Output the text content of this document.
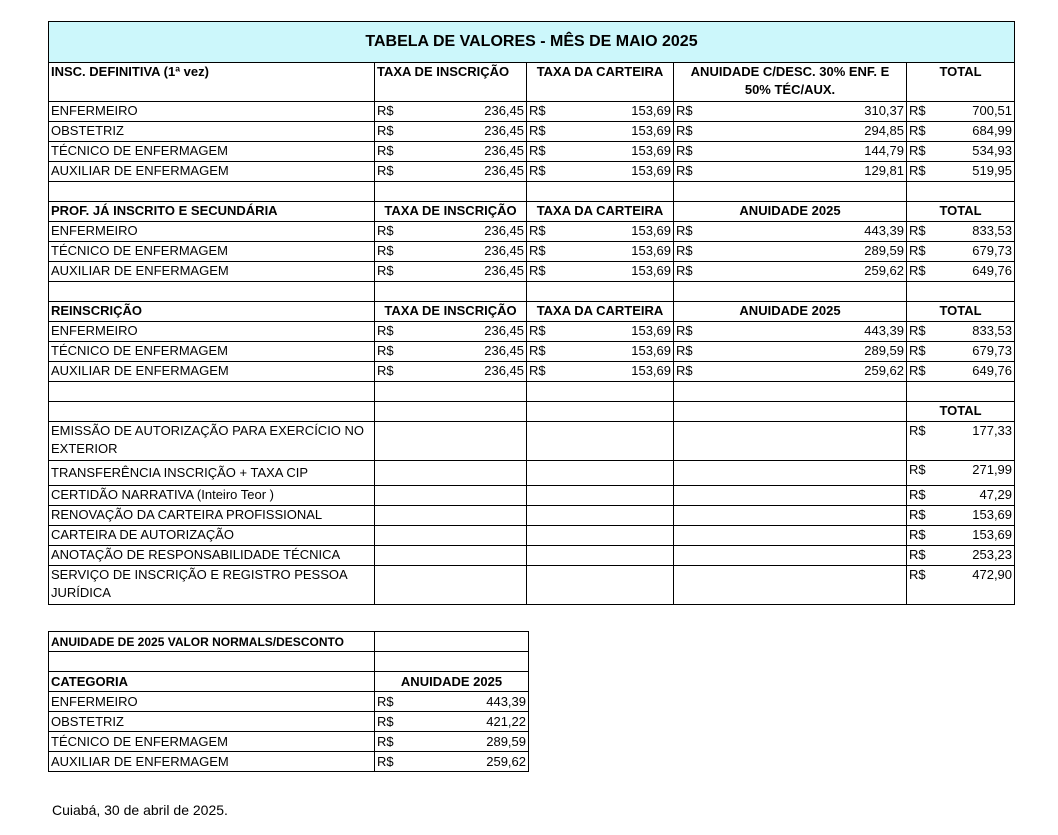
TABELA DE VALORES - MÊS DE MAIO 2025				
INSC. DEFINITIVA (1ª vez)	TAXA DE INSCRIÇÃO	TAXA DA CARTEIRA	ANUIDADE C/DESC. 30% ENF. E 50% TÉC/AUX.	TOTAL
ENFERMEIRO	R$ 236,45	R$ 153,69	R$ 310,37	R$ 700,51

OBSTETRIZ	R$ 236,45	R$ 153,69	R$ 294,85	R$ 684,99

TÉCNICO DE ENFERMAGEM	R$ 236,45	R$ 153,69	R$ 144,79	R$ 534,93

AUXILIAR DE ENFERMAGEM	R$ 236,45	R$ 153,69	R$ 129,81	R$ 519,95

PROF. JÁ INSCRITO E SECUNDÁRIA	TAXA DE INSCRIÇÃO	TAXA DA CARTEIRA	ANUIDADE 2025	TOTAL
ENFERMEIRO	R$ 236,45	R$ 153,69	R$ 443,39	R$ 833,53

TÉCNICO DE ENFERMAGEM	R$ 236,45	R$ 153,69	R$ 289,59	R$ 679,73

AUXILIAR DE ENFERMAGEM	R$ 236,45	R$ 153,69	R$ 259,62	R$ 649,76

REINSCRIÇÃO	TAXA DE INSCRIÇÃO	TAXA DA CARTEIRA	ANUIDADE 2025	TOTAL
ENFERMEIRO	R$ 236,45	R$ 153,69	R$ 443,39	R$ 833,53

TÉCNICO DE ENFERMAGEM	R$ 236,45	R$ 153,69	R$ 289,59	R$ 679,73

AUXILIAR DE ENFERMAGEM	R$ 236,45	R$ 153,69	R$ 259,62	R$ 649,76

				TOTAL
EMISSÃO DE AUTORIZAÇÃO PARA EXERCÍCIO NO EXTERIOR				R$ 177,33

TRANSFERÊNCIA INSCRIÇÃO + TAXA CIP				R$ 271,99

CERTIDÃO NARRATIVA (Inteiro Teor )				R$ 47,29

RENOVAÇÃO DA CARTEIRA PROFISSIONAL				R$ 153,69

CARTEIRA DE AUTORIZAÇÃO				R$ 153,69

ANOTAÇÃO DE RESPONSABILIDADE TÉCNICA				R$ 253,23

SERVIÇO DE INSCRIÇÃO E REGISTRO PESSOA JURÍDICA				R$ 472,90
ANUIDADE DE 2025 VALOR NORMALS/DESCONTO	

CATEGORIA	ANUIDADE 2025
ENFERMEIRO	R$ 443,39

OBSTETRIZ	R$ 421,22

TÉCNICO DE ENFERMAGEM	R$ 289,59

AUXILIAR DE ENFERMAGEM	R$ 259,62
Cuiabá, 30 de abril de 2025.
